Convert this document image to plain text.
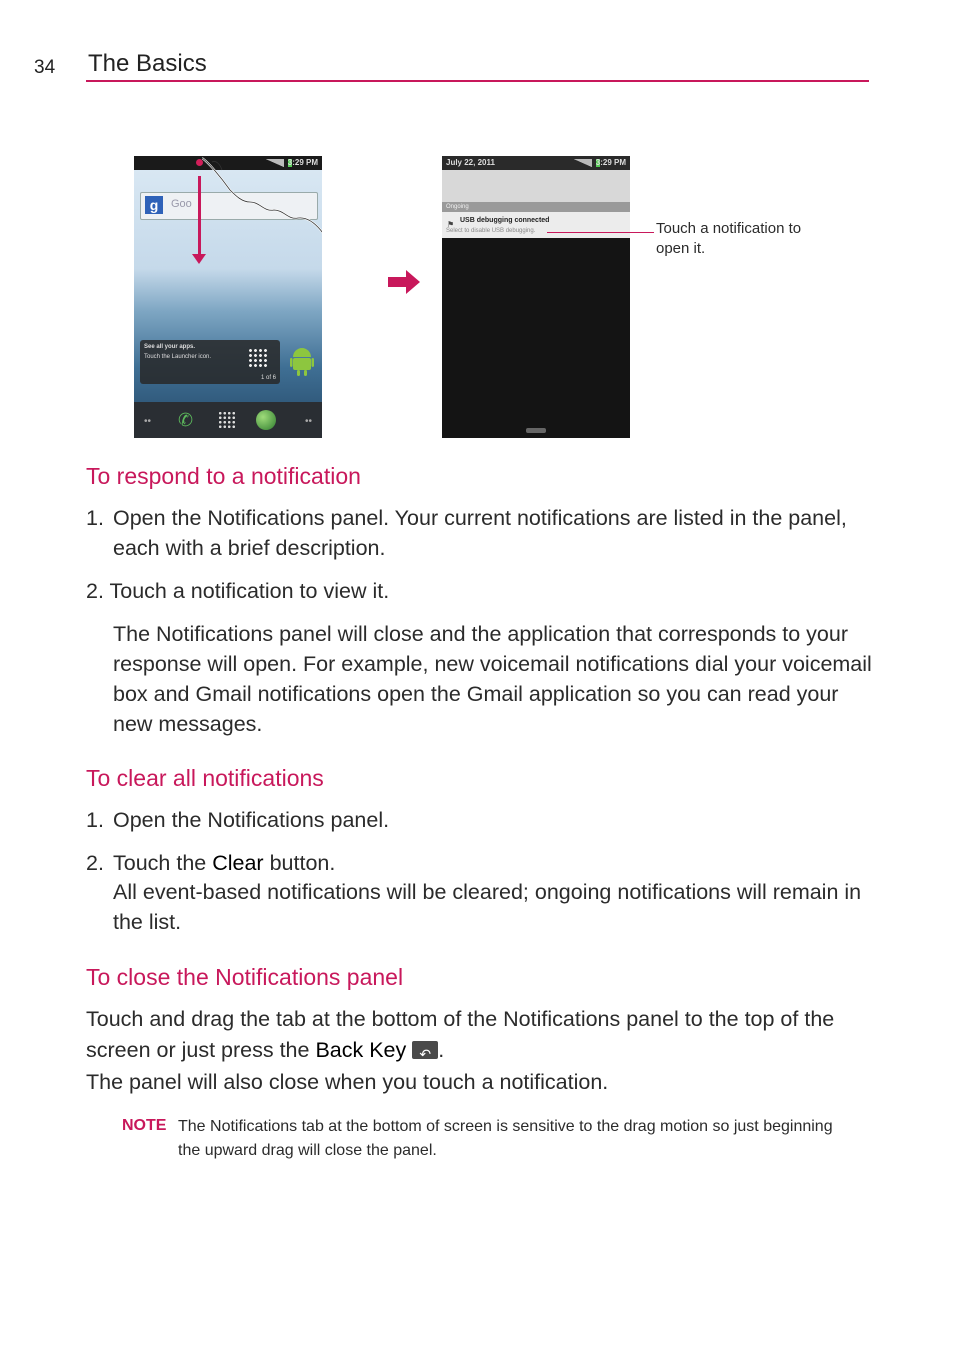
34 The Basics
3:29 PM
g	Goo
See all your apps.
Touch the Launcher icon.
1 of 6
•• ✆	••
July 22, 2011	3:29 PM
Ongoing
⚑ USB debugging connected
Select to disable USB debugging.	Touch a notification to open it.
To respond to a notification
1. Open the Notifications panel. Your current notifications are listed in the panel, each with a brief description.
2. Touch a notification to view it.
The Notifications panel will close and the application that corresponds to your response will open. For example, new voicemail notifications dial your voicemail box and Gmail notifications open the Gmail application so you can read your new messages.
To clear all notifications
1. Open the Notifications panel.
2. Touch the Clear button.
All event-based notifications will be cleared; ongoing notifications will remain in the list.
To close the Notifications panel
Touch and drag the tab at the bottom of the Notifications panel to the top of the screen or just press the Back Key↶ .
The panel will also close when you touch a notification.
NOTE The Notifications tab at the bottom of screen is sensitive to the drag motion so just beginning the upward drag will close the panel.
